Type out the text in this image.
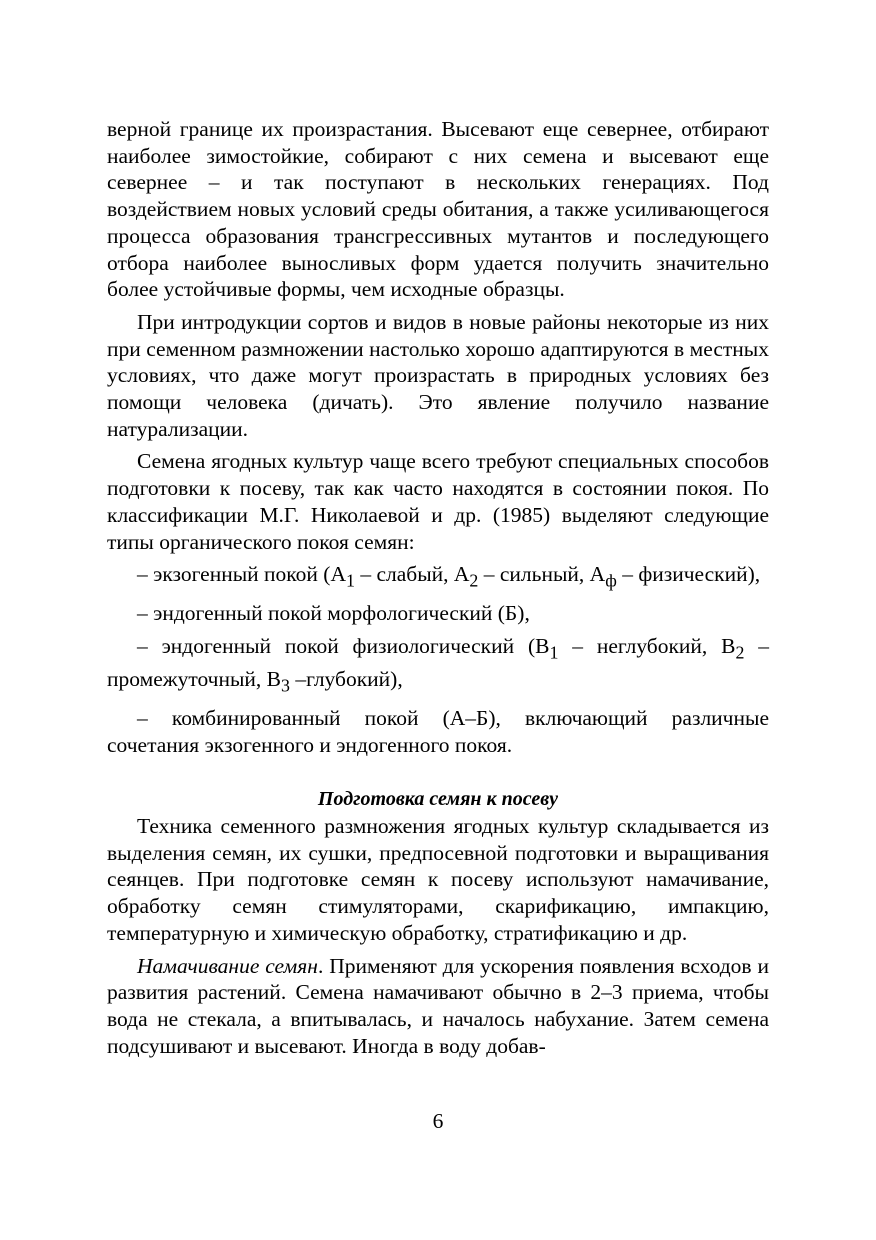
верной границе их произрастания. Высевают еще севернее, отбирают наиболее зимостойкие, собирают с них семена и высевают еще севернее – и так поступают в нескольких генерациях. Под воздействием новых условий среды обитания, а также усиливающегося процесса образования трансгрессивных мутантов и последующего отбора наиболее выносливых форм удается получить значительно более устойчивые формы, чем исходные образцы.

При интродукции сортов и видов в новые районы некоторые из них при семенном размножении настолько хорошо адаптируются в местных условиях, что даже могут произрастать в природных условиях без помощи человека (дичать). Это явление получило название натурализации.

Семена ягодных культур чаще всего требуют специальных способов подготовки к посеву, так как часто находятся в состоянии покоя. По классификации М.Г. Николаевой и др. (1985) выделяют следующие типы органического покоя семян:

– экзогенный покой ($А_1$ – слабый, $А_2$ – сильный, $А_ф$ – физический),

– эндогенный покой морфологический (Б),

– эндогенный покой физиологический ($В_1$ – неглубокий, $В_2$ – промежуточный, $В_3$ –глубокий),

– комбинированный покой (А–Б), включающий различные сочетания экзогенного и эндогенного покоя.

Подготовка семян к посеву

Техника семенного размножения ягодных культур складывается из выделения семян, их сушки, предпосевной подготовки и выращивания сеянцев. При подготовке семян к посеву используют намачивание, обработку семян стимуляторами, скарификацию, импакцию, температурную и химическую обработку, стратификацию и др.

Намачивание семян. Применяют для ускорения появления всходов и развития растений. Семена намачивают обычно в 2–3 приема, чтобы вода не стекала, а впитывалась, и началось набухание. Затем семена подсушивают и высевают. Иногда в воду добав-

6
